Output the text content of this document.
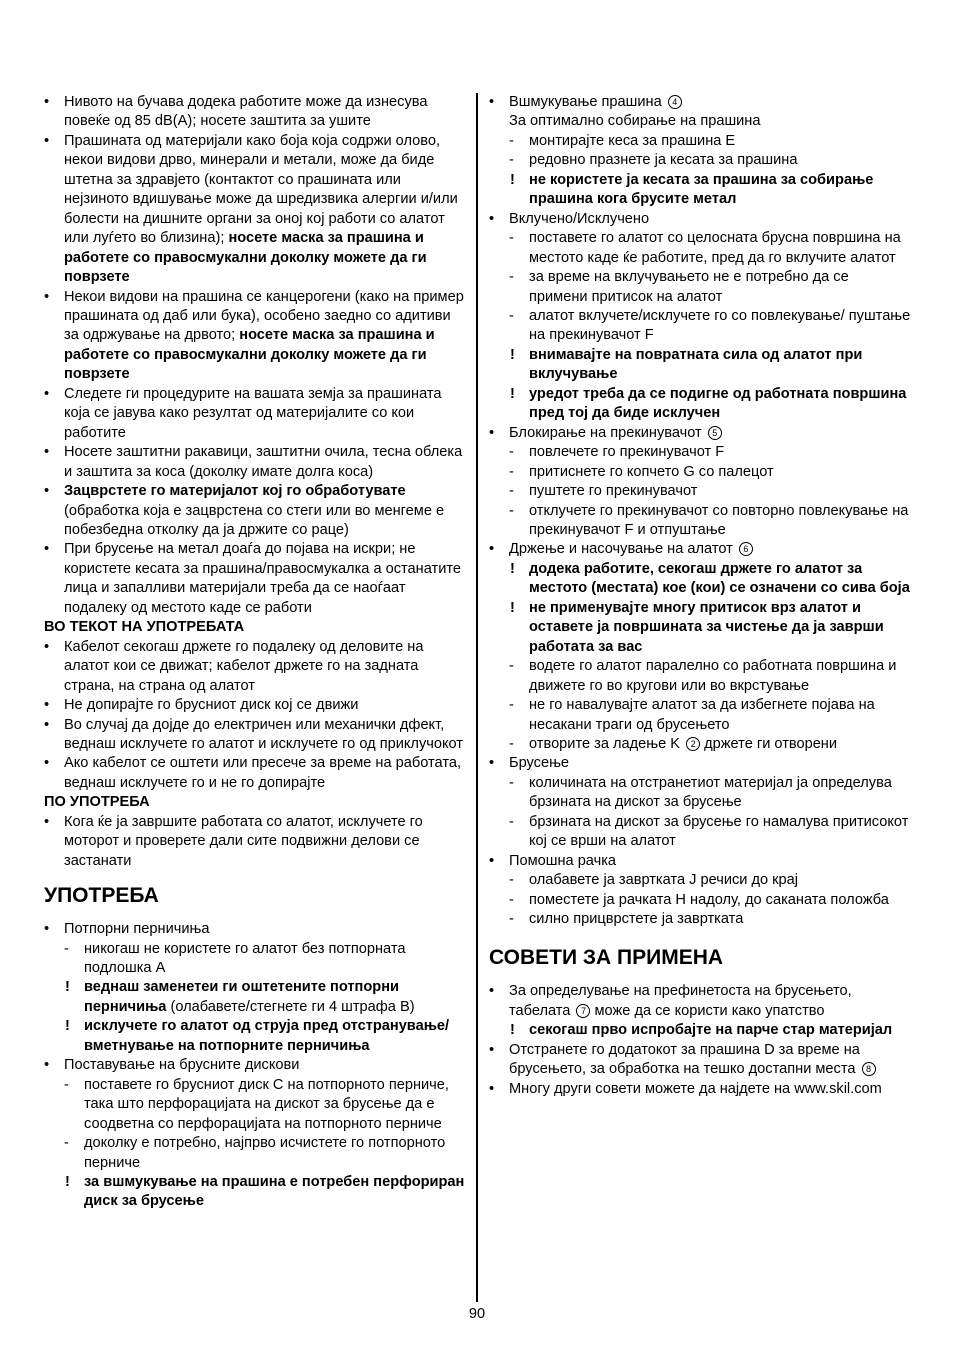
•	Нивото на бучава додека работите може да изнесува повеќе од 85 dB(A); носете заштита за ушите
•	Прашината од материјали како боја која содржи олово, некои видови дрво, минерали и метали, може да биде штетна за здравјето (контактот со прашината или нејзиното вдишување може да шредизвика алергии и/или болести на дишните органи за оној кој работи со алатот или луѓето во близина); носете маска за прашина и работете со правосмукални доколку можете да ги поврзете
•	Некои видови на прашина се канцерогени (како на пример прашината од даб или бука), особено заедно со адитиви за одржување на дрвото; носете маска за прашина и работете со правосмукални доколку можете да ги поврзете
•	Следете ги процедурите на вашата земја за прашината која се јавува како резултат од материјалите со кои работите
•	Носете заштитни ракавици, заштитни очила, тесна облека и заштита за коса (доколку имате долга коса)
•	Зацврстете го материјалот кој го обработувате (обработка која е зацврстена со стеги или во менгеме е побезбедна отколку да ја држите со раце)
•	При брусење на метал доаѓа до појава на искри; не користете кесата за прашина/правосмукалка а останатите лица и запалливи материјали треба да се наоѓаат подалеку од местото каде се работи
ВО ТЕКОТ НА УПОТРЕБАТА
•	Кабелот секогаш држете го подалеку од деловите на алатот кои се движат; кабелот држете го на задната страна, на страна од алатот
•	Не допирајте го брусниот диск кој се движи
•	Во случај да дојде до електричен или механички дфект, веднаш исклучете го алатот и исклучете го од приклучокот
•	Ако кабелот се оштети или пресече за време на работата, веднаш исклучете го и не го допирајте
ПО УПОТРЕБА
•	Кога ќе ја завршите работата со алатот, исклучете го моторот и проверете дали сите подвижни делови се застанати
УПОТРЕБА
•	Потпорни перничиња
-	никогаш не користете го алатот без потпорната подлошка A
! веднаш заменетеи ги оштетените потпорни перничиња (олабавете/стегнете ги 4 штрафа B)
! исклучете го алатот од струја пред отстранување/вметнување на потпорните перничиња
•	Поставување на брусните дискови
-	поставете го брусниот диск C на потпорното перниче, така што перфорацијата на дискот за брусење да е соодветна со перфорацијата на потпорното перниче
-	доколку е потребно, најпрво исчистете го потпорното перниче
! за вшмукување на прашина е потребен перфориран диск за брусење
•	Вшмукување прашина 4
За оптимално собирање на прашина
-	монтирајте кеса за прашина E
-	редовно празнете ја кесата за прашина
! не користете ја кесата за прашина за собирање прашина кога брусите метал
•	Вклучено/Исклучено
-	поставете го алатот со целосната брусна површина на местото каде ќе работите, пред да го вклучите алатот
-	за време на вклучувањето не е потребно да се примени притисок на алатот
-	алатот вклучете/исклучете го со повлекување/ пуштање на прекинувачот F
! внимавајте на повратната сила од алатот при вклучување
! уредот треба да се подигне од работната површина пред тој да биде исклучен
•	Блокирање на прекинувачот 5
-	повлечете го прекинувачот F
-	притиснете го копчето G со палецот
-	пуштете го прекинувачот
-	отклучете го прекинувачот со повторно повлекување на прекинувачот F и отпуштање
•	Држење и насочување на алатот 6
! додека работите, секогаш држете го алатот за местото (местата) кое (кои) се означени со сива боја
! не применувајте многу притисок врз алатот и оставете ја површината за чистење да ја заврши работата за вас
-	водете го алатот паралелно со работната површина и движете го во кругови или во вкрстување
-	не го навалувајте алатот за да избегнете појава на несакани траги од брусењето
-	отворите за ладење K 2 држете ги отворени
•	Брусење
-	количината на отстранетиот материјал ја определува брзината на дискот за брусење
-	брзината на дискот за брусење го намалува притисокот кој се врши на алатот
•	Помошна рачка
-	олабавете ја завртката J речиси до крај
-	поместете ја рачката H надолу, до саканата положба
-	силно прицврстете ја завртката
СОВЕТИ ЗА ПРИМЕНА
•	За определување на префинетоста на брусењето, табелата 7 може да се користи како упатство
! секогаш прво испробајте на парче стар материјал
•	Отстранете го додатокот за прашина D за време на брусењето, за обработка на тешко достапни места 8
•	Многу други совети можете да најдете на www.skil.com
90
